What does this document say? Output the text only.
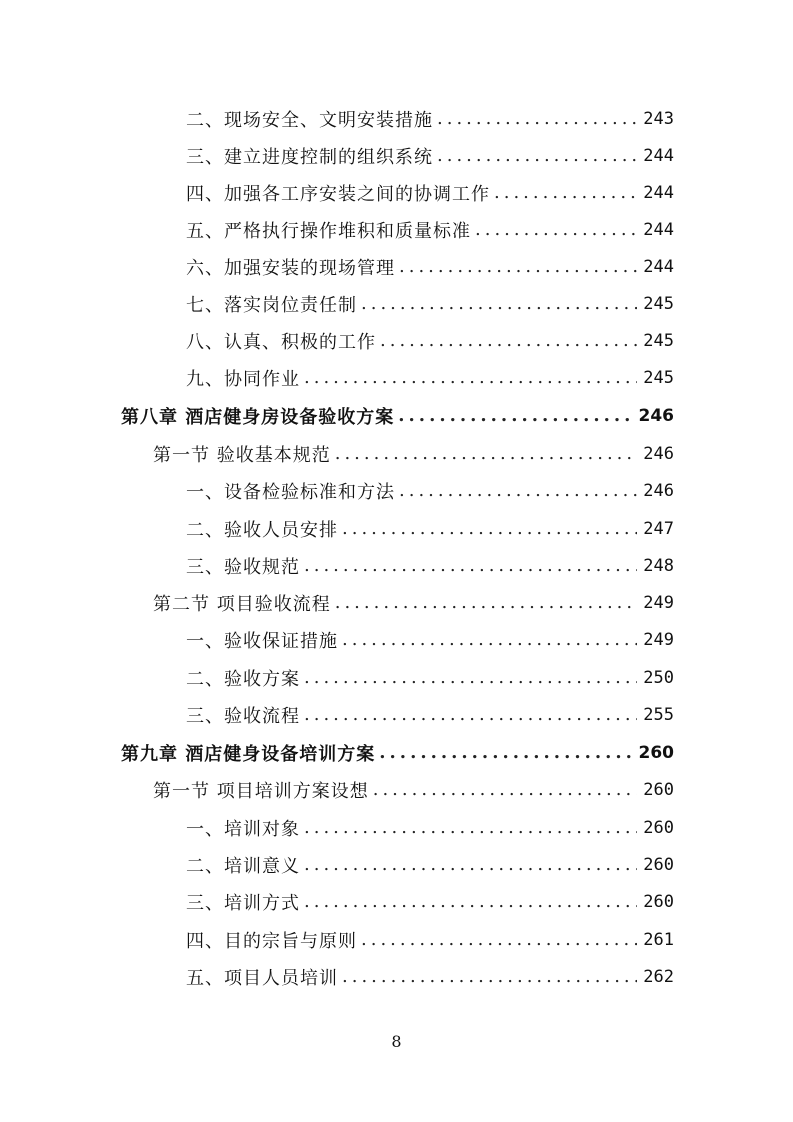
二、现场安全、文明安装措施 .....	243
三、建立进度控制的组织系统 .....	244
四、加强各工序安装之间的协调工作 .....	244
五、严格执行操作堆积和质量标准 .....	244
六、加强安装的现场管理 .....	244
七、落实岗位责任制 .....	245
八、认真、积极的工作 .....	245
九、协同作业 .....	245
第八章 酒店健身房设备验收方案 .....	246
第一节 验收基本规范 .....	246
一、设备检验标准和方法 .....	246
二、验收人员安排 .....	247
三、验收规范 .....	248
第二节 项目验收流程 .....	249
一、验收保证措施 .....	249
二、验收方案 .....	250
三、验收流程 .....	255
第九章 酒店健身设备培训方案 .....	260
第一节 项目培训方案设想 .....	260
一、培训对象 .....	260
二、培训意义 .....	260
三、培训方式 .....	260
四、目的宗旨与原则 .....	261
五、项目人员培训 .....	262
8
